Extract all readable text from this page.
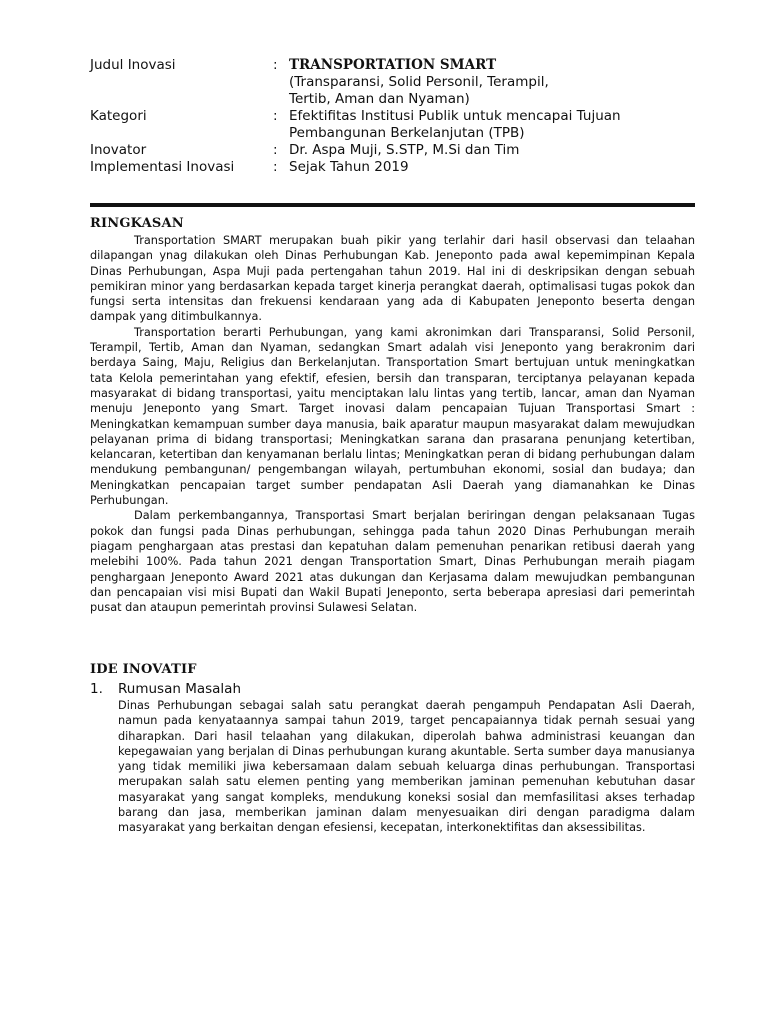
Judul Inovasi	: TRANSPORTATION SMART
(Transparansi, Solid Personil, Terampil, Tertib, Aman dan Nyaman)
Kategori	: Efektifitas Institusi Publik untuk mencapai Tujuan Pembangunan Berkelanjutan (TPB)
Inovator	: Dr. Aspa Muji, S.STP, M.Si dan Tim
Implementasi Inovasi	: Sejak Tahun 2019
RINGKASAN

Transportation SMART merupakan buah pikir yang terlahir dari hasil observasi dan telaahan dilapangan ynag dilakukan oleh Dinas Perhubungan Kab. Jeneponto pada awal kepemimpinan Kepala Dinas Perhubungan, Aspa Muji pada pertengahan tahun 2019. Hal ini di deskripsikan dengan sebuah pemikiran minor yang berdasarkan kepada target kinerja perangkat daerah, optimalisasi tugas pokok dan fungsi serta intensitas dan frekuensi kendaraan yang ada di Kabupaten Jeneponto beserta dengan dampak yang ditimbulkannya.

Transportation berarti Perhubungan, yang kami akronimkan dari Transparansi, Solid Personil, Terampil, Tertib, Aman dan Nyaman, sedangkan Smart adalah visi Jeneponto yang berakronim dari berdaya Saing, Maju, Religius dan Berkelanjutan. Transportation Smart bertujuan untuk meningkatkan tata Kelola pemerintahan yang efektif, efesien, bersih dan transparan, terciptanya pelayanan kepada masyarakat di bidang transportasi, yaitu menciptakan lalu lintas yang tertib, lancar, aman dan Nyaman menuju Jeneponto yang Smart. Target inovasi dalam pencapaian Tujuan Transportasi Smart : Meningkatkan kemampuan sumber daya manusia, baik aparatur maupun masyarakat dalam mewujudkan pelayanan prima di bidang transportasi; Meningkatkan sarana dan prasarana penunjang ketertiban, kelancaran, ketertiban dan kenyamanan berlalu lintas; Meningkatkan peran di bidang perhubungan dalam mendukung pembangunan/ pengembangan wilayah, pertumbuhan ekonomi, sosial dan budaya; dan Meningkatkan pencapaian target sumber pendapatan Asli Daerah yang diamanahkan ke Dinas Perhubungan.

Dalam perkembangannya, Transportasi Smart berjalan beriringan dengan pelaksanaan Tugas pokok dan fungsi pada Dinas perhubungan, sehingga pada tahun 2020 Dinas Perhubungan meraih piagam penghargaan atas prestasi dan kepatuhan dalam pemenuhan penarikan retibusi daerah yang melebihi 100%. Pada tahun 2021 dengan Transportation Smart, Dinas Perhubungan meraih piagam penghargaan Jeneponto Award 2021 atas dukungan dan Kerjasama dalam mewujudkan pembangunan dan pencapaian visi misi Bupati dan Wakil Bupati Jeneponto, serta beberapa apresiasi dari pemerintah pusat dan ataupun pemerintah provinsi Sulawesi Selatan.

IDE INOVATIF
1. Rumusan Masalah

Dinas Perhubungan sebagai salah satu perangkat daerah pengampuh Pendapatan Asli Daerah, namun pada kenyataannya sampai tahun 2019, target pencapaiannya tidak pernah sesuai yang diharapkan. Dari hasil telaahan yang dilakukan, diperolah bahwa administrasi keuangan dan kepegawaian yang berjalan di Dinas perhubungan kurang akuntable. Serta sumber daya manusianya yang tidak memiliki jiwa kebersamaan dalam sebuah keluarga dinas perhubungan. Transportasi merupakan salah satu elemen penting yang memberikan jaminan pemenuhan kebutuhan dasar masyarakat yang sangat kompleks, mendukung koneksi sosial dan memfasilitasi akses terhadap barang dan jasa, memberikan jaminan dalam menyesuaikan diri dengan paradigma dalam masyarakat yang berkaitan dengan efesiensi, kecepatan, interkonektifitas dan aksessibilitas.
